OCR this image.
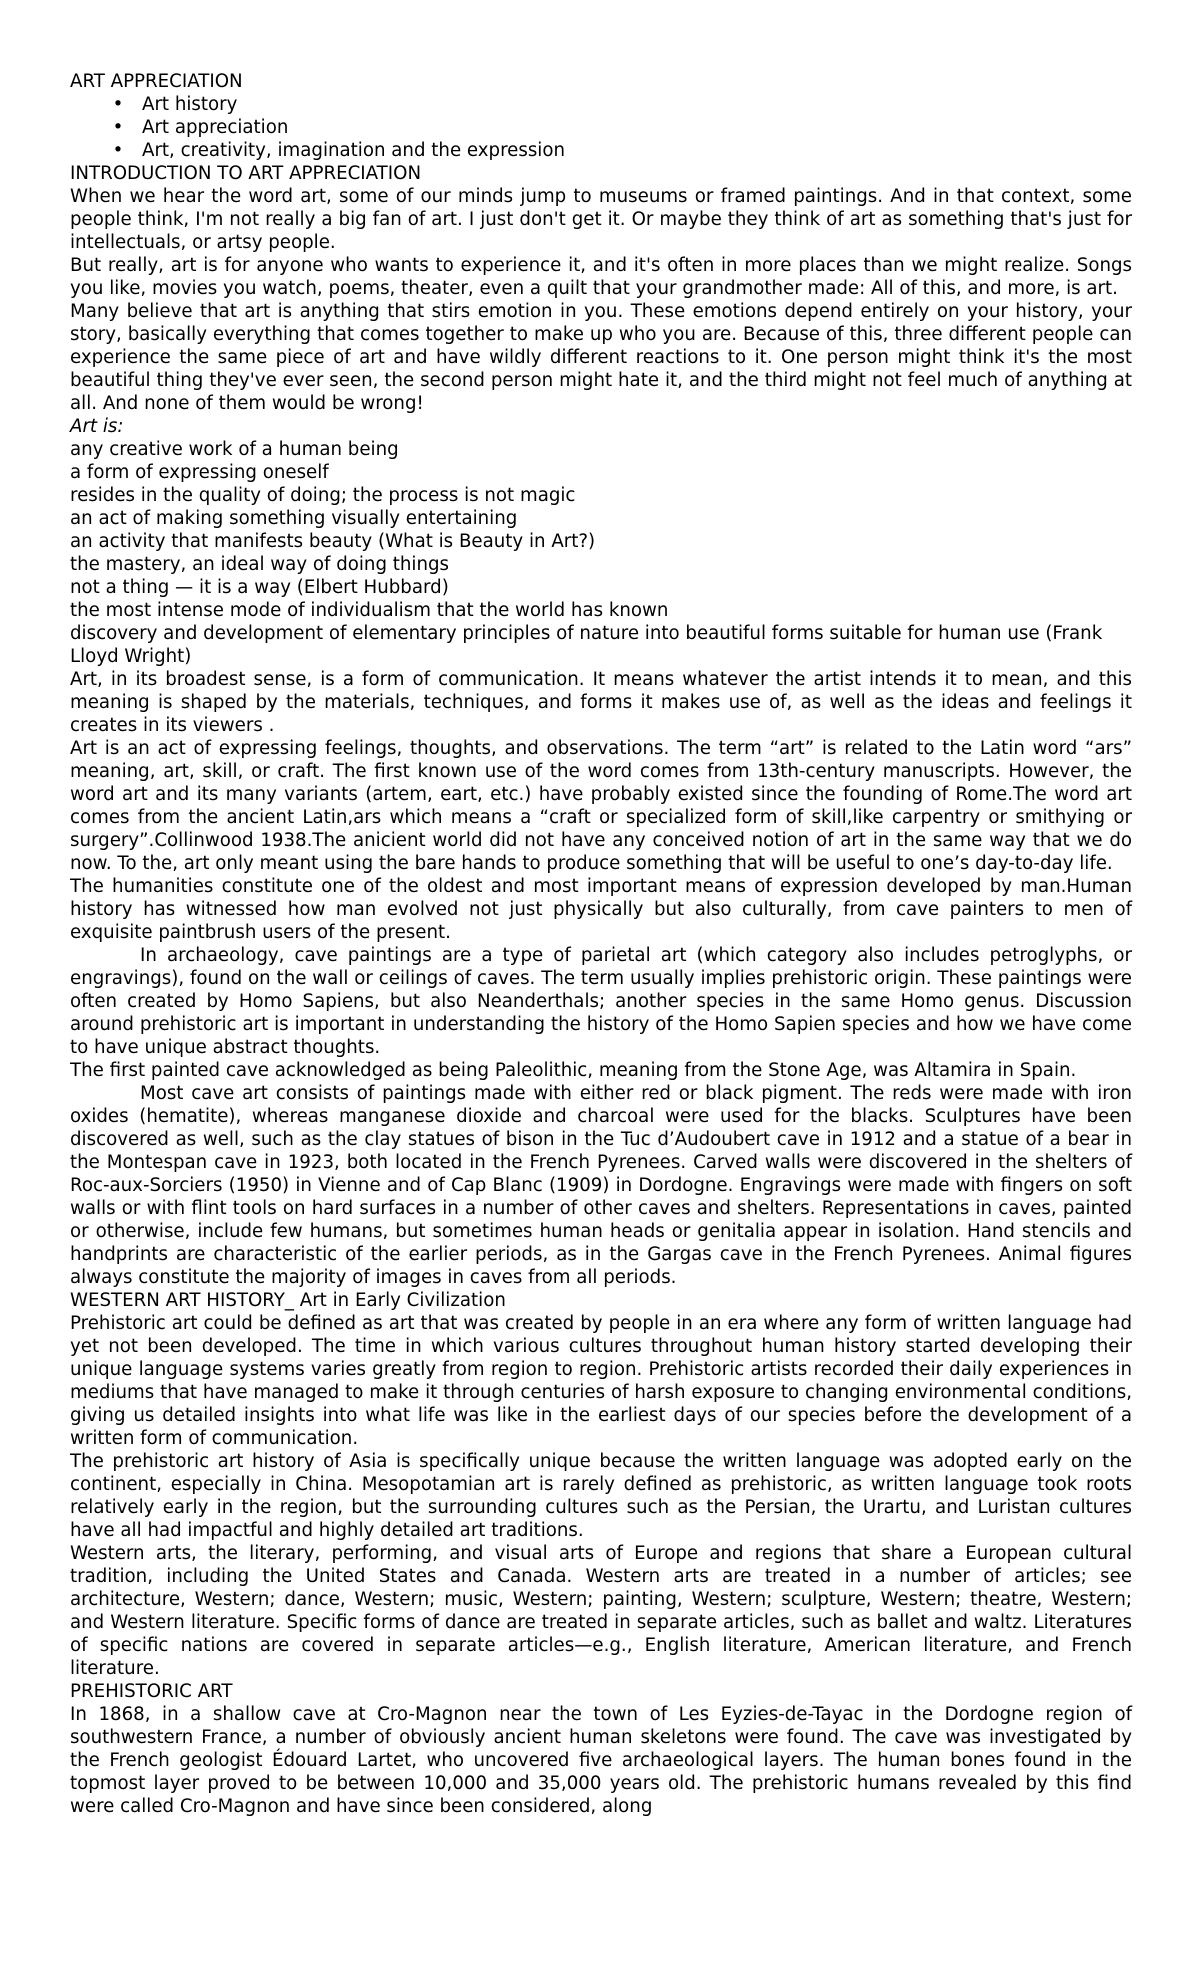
ART APPRECIATION

• Art history
• Art appreciation
• Art, creativity, imagination and the expression

INTRODUCTION TO ART APPRECIATION

When we hear the word art, some of our minds jump to museums or framed paintings. And in that context, some people think, I'm not really a big fan of art. I just don't get it. Or maybe they think of art as something that's just for intellectuals, or artsy people.

But really, art is for anyone who wants to experience it, and it's often in more places than we might realize. Songs you like, movies you watch, poems, theater, even a quilt that your grandmother made: All of this, and more, is art.

Many believe that art is anything that stirs emotion in you. These emotions depend entirely on your history, your story, basically everything that comes together to make up who you are. Because of this, three different people can experience the same piece of art and have wildly different reactions to it. One person might think it's the most beautiful thing they've ever seen, the second person might hate it, and the third might not feel much of anything at all. And none of them would be wrong!

Art is:

any creative work of a human being

a form of expressing oneself

resides in the quality of doing; the process is not magic

an act of making something visually entertaining

an activity that manifests beauty (What is Beauty in Art?)

the mastery, an ideal way of doing things

not a thing — it is a way (Elbert Hubbard)

the most intense mode of individualism that the world has known

discovery and development of elementary principles of nature into beautiful forms suitable for human use (Frank Lloyd Wright)

Art, in its broadest sense, is a form of communication. It means whatever the artist intends it to mean, and this meaning is shaped by the materials, techniques, and forms it makes use of, as well as the ideas and feelings it creates in its viewers .

Art is an act of expressing feelings, thoughts, and observations. The term “art” is related to the Latin word “ars” meaning, art, skill, or craft. The first known use of the word comes from 13th-century manuscripts. However, the word art and its many variants (artem, eart, etc.) have probably existed since the founding of Rome.The word art comes from the ancient Latin,ars which means a “craft or specialized form of skill,like carpentry or smithying or surgery”.Collinwood 1938.The anicient world did not have any conceived notion of art in the same way that we do now. To the, art only meant using the bare hands to produce something that will be useful to one’s day-to-day life.

The humanities constitute one of the oldest and most important means of expression developed by man.Human history has witnessed how man evolved not just physically but also culturally, from cave painters to men of exquisite paintbrush users of the present.

In archaeology, cave paintings are a type of parietal art (which category also includes petroglyphs, or engravings), found on the wall or ceilings of caves. The term usually implies prehistoric origin. These paintings were often created by Homo Sapiens, but also Neanderthals; another species in the same Homo genus. Discussion around prehistoric art is important in understanding the history of the Homo Sapien species and how we have come to have unique abstract thoughts.

The first painted cave acknowledged as being Paleolithic, meaning from the Stone Age, was Altamira in Spain.

Most cave art consists of paintings made with either red or black pigment. The reds were made with iron oxides (hematite), whereas manganese dioxide and charcoal were used for the blacks. Sculptures have been discovered as well, such as the clay statues of bison in the Tuc d’Audoubert cave in 1912 and a statue of a bear in the Montespan cave in 1923, both located in the French Pyrenees. Carved walls were discovered in the shelters of Roc-aux-Sorciers (1950) in Vienne and of Cap Blanc (1909) in Dordogne. Engravings were made with fingers on soft walls or with flint tools on hard surfaces in a number of other caves and shelters. Representations in caves, painted or otherwise, include few humans, but sometimes human heads or genitalia appear in isolation. Hand stencils and handprints are characteristic of the earlier periods, as in the Gargas cave in the French Pyrenees. Animal figures always constitute the majority of images in caves from all periods.

WESTERN ART HISTORY_ Art in Early Civilization

Prehistoric art could be defined as art that was created by people in an era where any form of written language had yet not been developed. The time in which various cultures throughout human history started developing their unique language systems varies greatly from region to region. Prehistoric artists recorded their daily experiences in mediums that have managed to make it through centuries of harsh exposure to changing environmental conditions, giving us detailed insights into what life was like in the earliest days of our species before the development of a written form of communication.

The prehistoric art history of Asia is specifically unique because the written language was adopted early on the continent, especially in China. Mesopotamian art is rarely defined as prehistoric, as written language took roots relatively early in the region, but the surrounding cultures such as the Persian, the Urartu, and Luristan cultures have all had impactful and highly detailed art traditions.

Western arts, the literary, performing, and visual arts of Europe and regions that share a European cultural tradition, including the United States and Canada. Western arts are treated in a number of articles; see architecture, Western; dance, Western; music, Western; painting, Western; sculpture, Western; theatre, Western; and Western literature. Specific forms of dance are treated in separate articles, such as ballet and waltz. Literatures of specific nations are covered in separate articles—e.g., English literature, American literature, and French literature.

PREHISTORIC ART

In 1868, in a shallow cave at Cro-Magnon near the town of Les Eyzies-de-Tayac in the Dordogne region of southwestern France, a number of obviously ancient human skeletons were found. The cave was investigated by the French geologist Édouard Lartet, who uncovered five archaeological layers. The human bones found in the topmost layer proved to be between 10,000 and 35,000 years old. The prehistoric humans revealed by this find were called Cro-Magnon and have since been considered, along
